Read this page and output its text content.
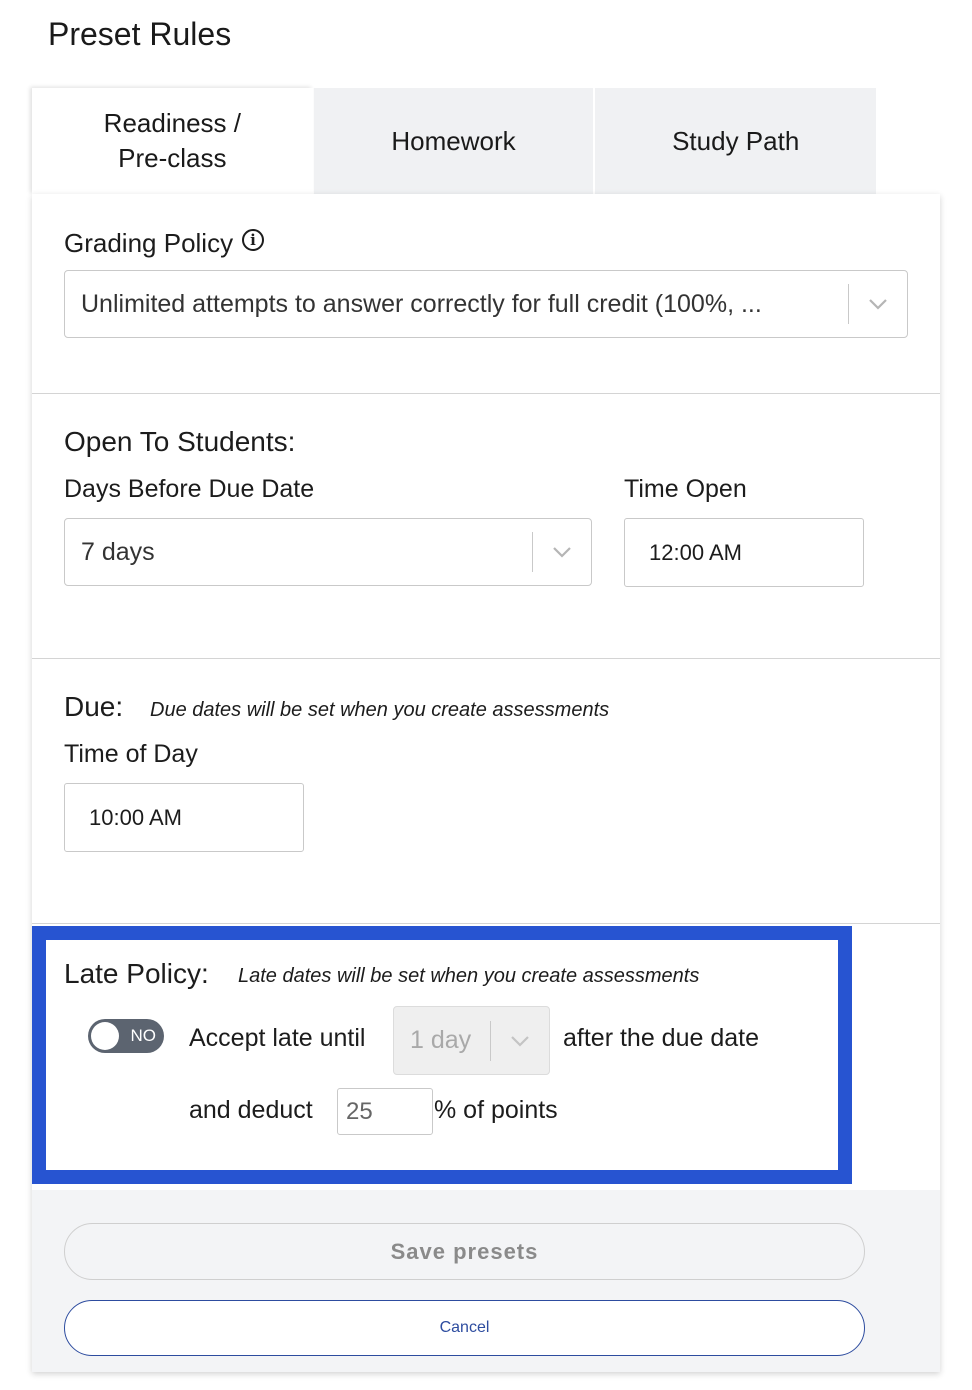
Preset Rules
Readiness /
Pre-class
Homework	Study Path
Grading Policy	i
Unlimited attempts to answer correctly for full credit (100%, ...
Open To Students:
Days Before Due Date	Time Open
7 days	12:00 AM
Due: Due dates will be set when you create assessments
Time of Day
10:00 AM
Late Policy: Late dates will be set when you create assessments
NO Accept late until	1 day	after the due date
and deduct 25 % of points
Save presets
Cancel
